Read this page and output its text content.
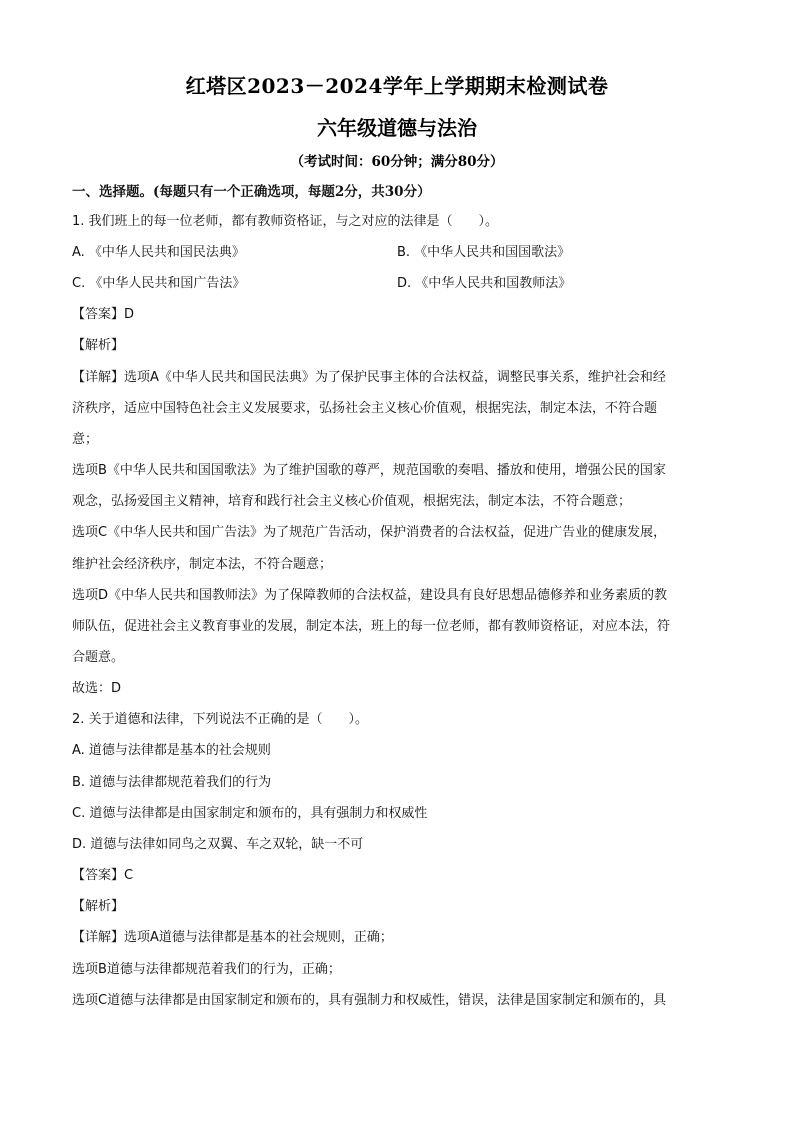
红塔区2023－2024学年上学期期末检测试卷
六年级道德与法治
（考试时间：60分钟；满分80分）
一、选择题。(每题只有一个正确选项，每题2分，共30分）
1. 我们班上的每一位老师，都有教师资格证，与之对应的法律是（　　）。
A. 《中华人民共和国民法典》	B. 《中华人民共和国国歌法》
C. 《中华人民共和国广告法》	D. 《中华人民共和国教师法》
【答案】D
【解析】
【详解】选项A《中华人民共和国民法典》为了保护民事主体的合法权益，调整民事关系，维护社会和经
济秩序，适应中国特色社会主义发展要求，弘扬社会主义核心价值观，根据宪法，制定本法，不符合题
意；
选项B《中华人民共和国国歌法》为了维护国歌的尊严，规范国歌的奏唱、播放和使用，增强公民的国家
观念，弘扬爱国主义精神，培育和践行社会主义核心价值观，根据宪法，制定本法，不符合题意；
选项C《中华人民共和国广告法》为了规范广告活动，保护消费者的合法权益，促进广告业的健康发展，
维护社会经济秩序，制定本法，不符合题意；
选项D《中华人民共和国教师法》为了保障教师的合法权益，建设具有良好思想品德修养和业务素质的教
师队伍，促进社会主义教育事业的发展，制定本法，班上的每一位老师，都有教师资格证，对应本法，符
合题意。
故选：D
2. 关于道德和法律，下列说法不正确的是（　　）。
A. 道德与法律都是基本的社会规则
B. 道德与法律都规范着我们的行为
C. 道德与法律都是由国家制定和颁布的，具有强制力和权威性
D. 道德与法律如同鸟之双翼、车之双轮，缺一不可
【答案】C
【解析】
【详解】选项A道德与法律都是基本的社会规则，正确；
选项B道德与法律都规范着我们的行为，正确；
选项C道德与法律都是由国家制定和颁布的，具有强制力和权威性，错误，法律是国家制定和颁布的，具
